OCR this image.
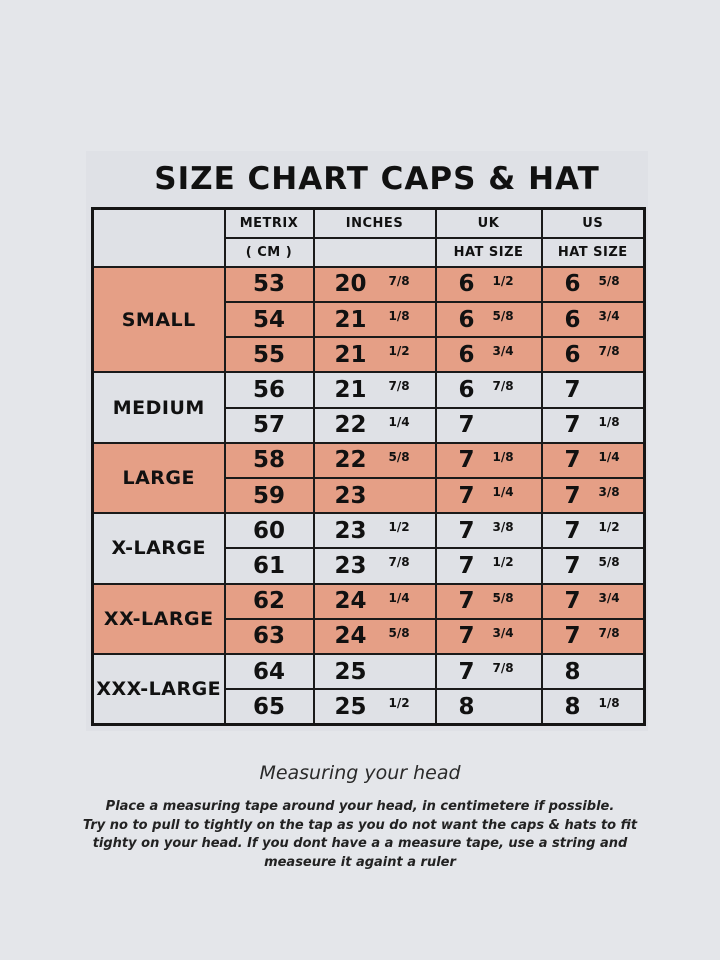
SIZE CHART CAPS & HAT
	METRIX	INCHES	UK	US
	( CM )		HAT SIZE	HAT SIZE
SMALL	53	20 7/8	6 1/2	6 5/8

	54	21 1/8	6 5/8	6 3/4

	55	21 1/2	6 3/4	6 7/8

MEDIUM	56	21 7/8	6 7/8	7

	57	22 1/4	7	7 1/8

LARGE	58	22 5/8	7 1/8	7 1/4

	59	23	7 1/4	7 3/8

X-LARGE	60	23 1/2	7 3/8	7 1/2

	61	23 7/8	7 1/2	7 5/8

XX-LARGE	62	24 1/4	7 5/8	7 3/4

	63	24 5/8	7 3/4	7 7/8

XXX-LARGE	64	25	7 7/8	8

	65	25 1/2	8	8 1/8
Measuring your head
Place a measuring tape around your head, in centimetere if possible.
Try no to pull to tightly on the tap as you do not want the caps & hats to fit
tighty on your head. If you dont have a a measure tape, use a string and
measeure it againt a ruler
